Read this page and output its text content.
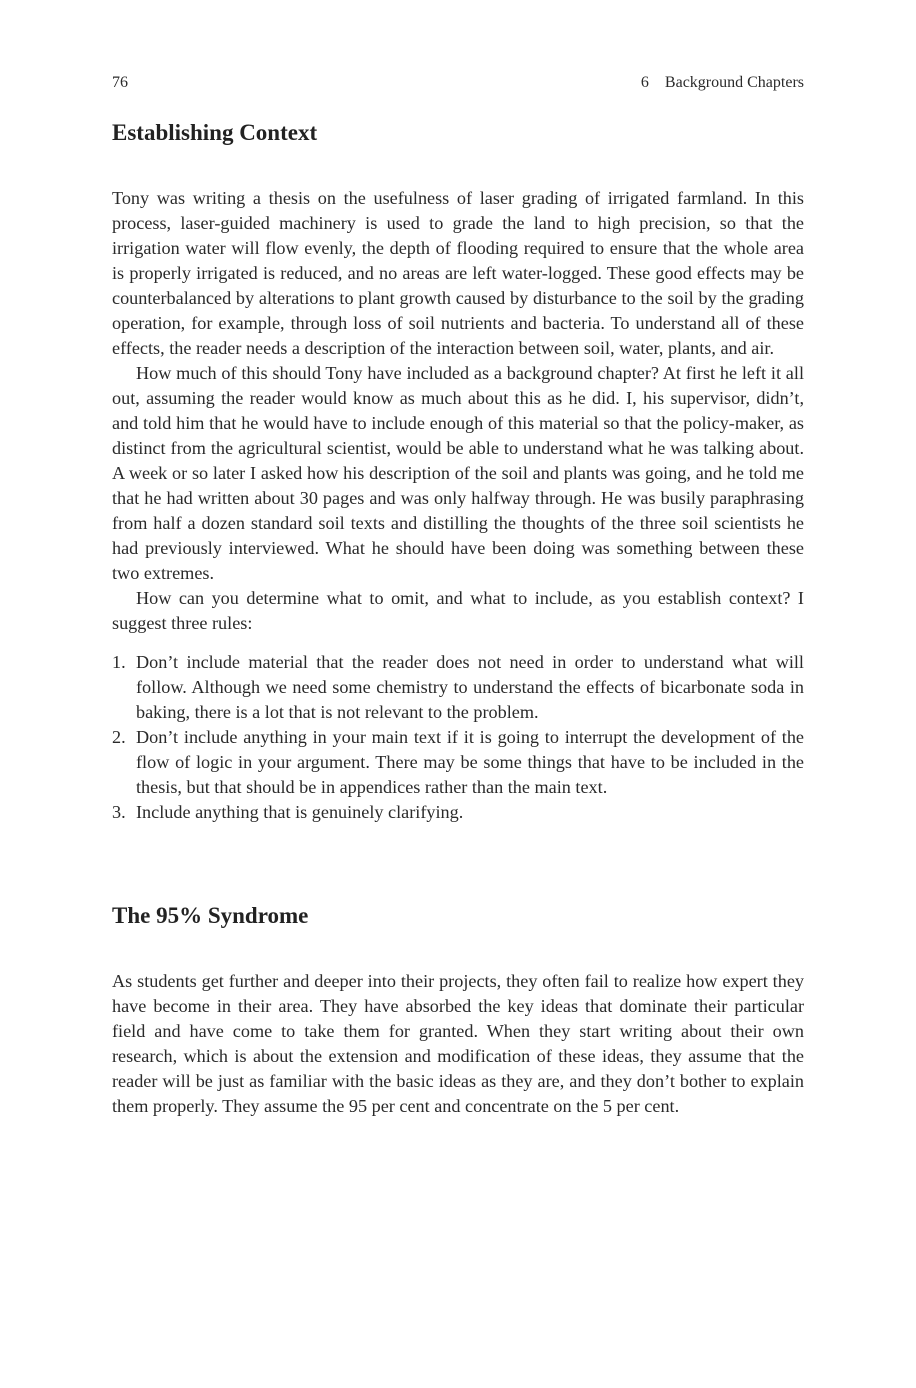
76	6 Background Chapters
Establishing Context

Tony was writing a thesis on the usefulness of laser grading of irrigated farmland. In this process, laser-guided machinery is used to grade the land to high precision, so that the irrigation water will flow evenly, the depth of flooding required to ensure that the whole area is properly irrigated is reduced, and no areas are left water-logged. These good effects may be counterbalanced by alterations to plant growth caused by disturbance to the soil by the grading operation, for example, through loss of soil nutrients and bacteria. To understand all of these effects, the reader needs a description of the interaction between soil, water, plants, and air.

How much of this should Tony have included as a background chapter? At first he left it all out, assuming the reader would know as much about this as he did. I, his supervisor, didn’t, and told him that he would have to include enough of this material so that the policy-maker, as distinct from the agricultural scientist, would be able to understand what he was talking about. A week or so later I asked how his description of the soil and plants was going, and he told me that he had written about 30 pages and was only halfway through. He was busily paraphrasing from half a dozen standard soil texts and distilling the thoughts of the three soil scientists he had previously interviewed. What he should have been doing was something between these two extremes.

How can you determine what to omit, and what to include, as you establish context? I suggest three rules:

1. Don’t include material that the reader does not need in order to understand what will follow. Although we need some chemistry to understand the effects of bicarbonate soda in baking, there is a lot that is not relevant to the problem.
2. Don’t include anything in your main text if it is going to interrupt the development of the flow of logic in your argument. There may be some things that have to be included in the thesis, but that should be in appendices rather than the main text.
3. Include anything that is genuinely clarifying.
The 95% Syndrome

As students get further and deeper into their projects, they often fail to realize how expert they have become in their area. They have absorbed the key ideas that dominate their particular field and have come to take them for granted. When they start writing about their own research, which is about the extension and modification of these ideas, they assume that the reader will be just as familiar with the basic ideas as they are, and they don’t bother to explain them properly. They assume the 95 per cent and concentrate on the 5 per cent.
